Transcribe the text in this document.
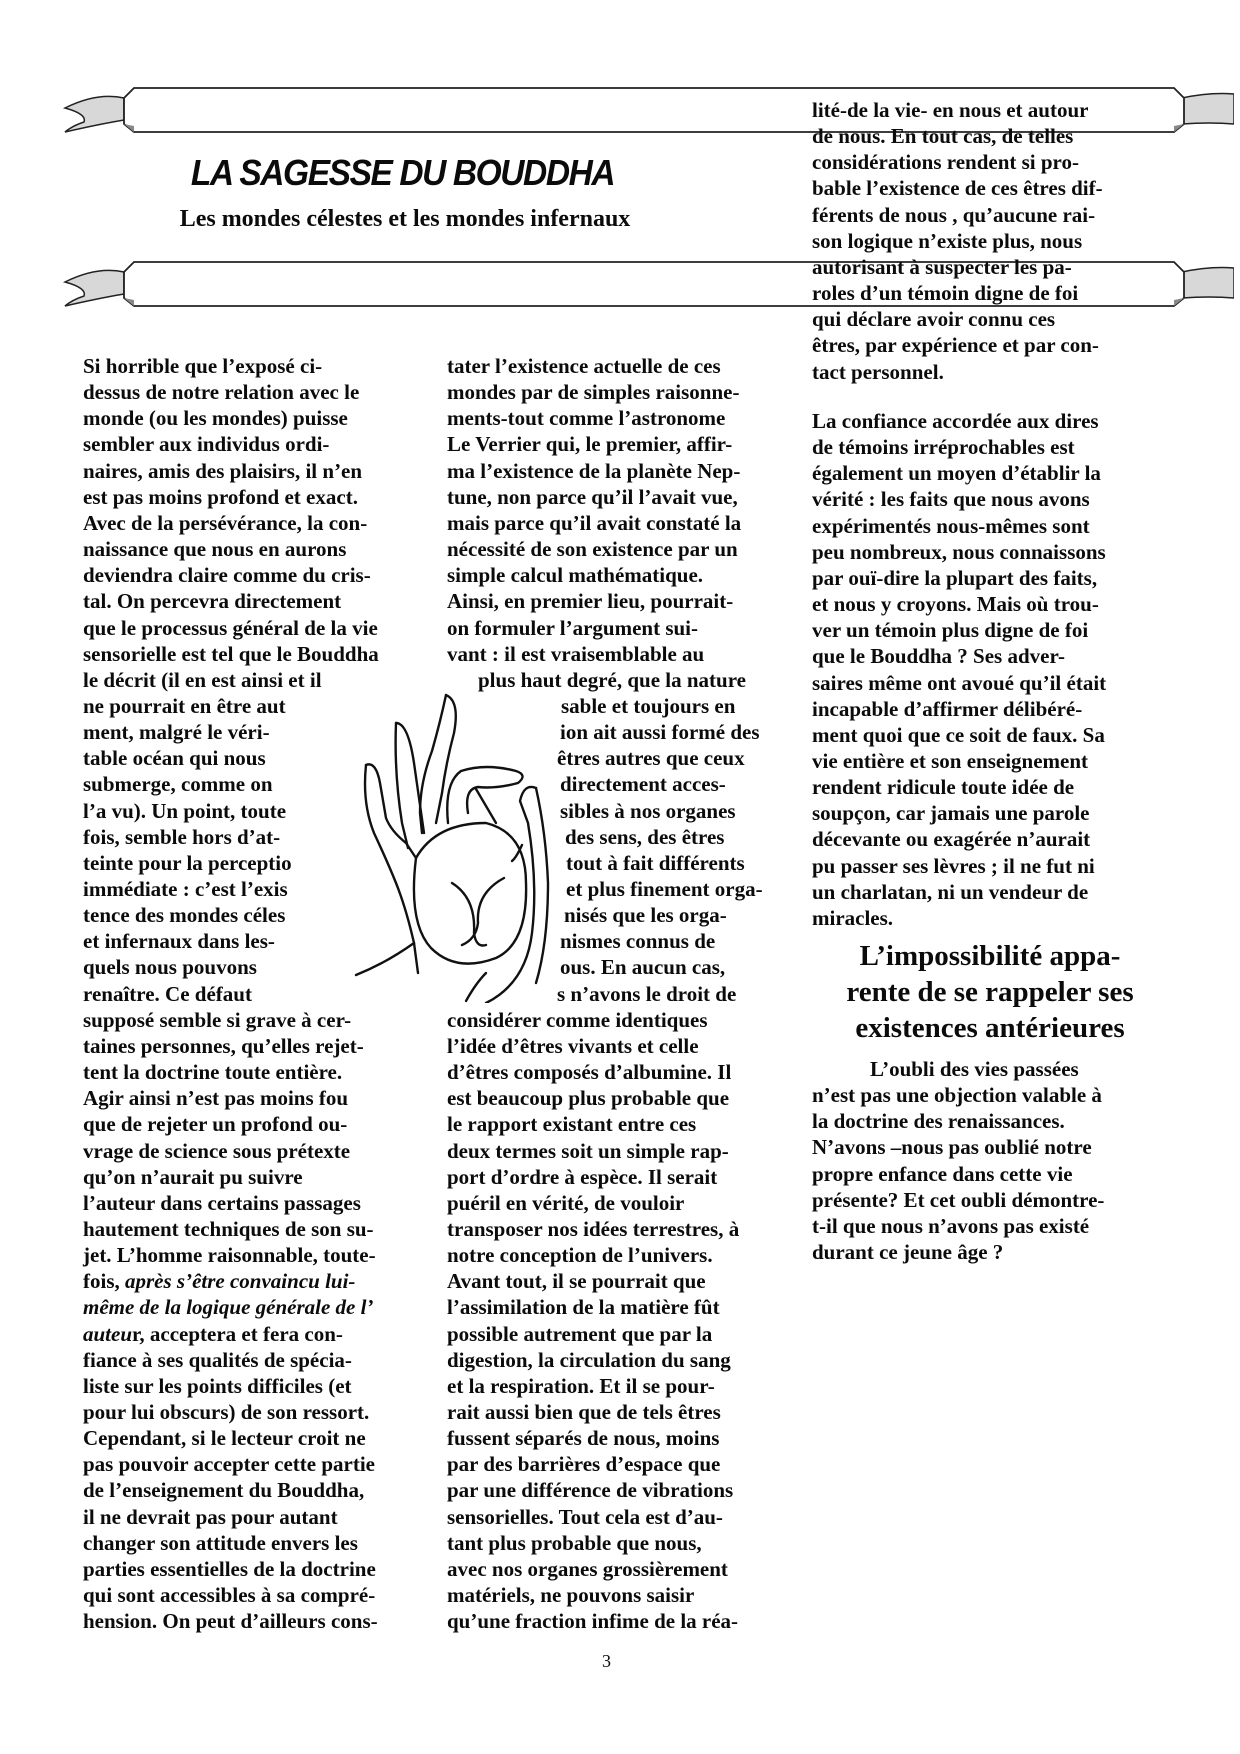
LA SAGESSE DU BOUDDHA
Les mondes célestes et les mondes infernaux
Si horrible que l’exposé ci-
dessus de notre relation avec le
monde (ou les mondes) puisse
sembler aux individus ordi-
naires, amis des plaisirs, il n’en
est pas moins profond et exact.
Avec de la persévérance, la con-
naissance que nous en aurons
deviendra claire comme du cris-
tal. On percevra directement
que le processus général de la vie
sensorielle est tel que le Bouddha
le décrit (il en est ainsi et il
ne pourrait en être aut
ment, malgré le véri-
table océan qui nous
submerge, comme on
l’a vu). Un point, toute
fois, semble hors d’at-
teinte pour la perceptio
immédiate : c’est l’exis
tence des mondes céles
et infernaux dans les-
quels nous pouvons
renaître. Ce défaut
supposé semble si grave à cer-
taines personnes, qu’elles rejet-
tent la doctrine toute entière.
Agir ainsi n’est pas moins fou
que de rejeter un profond ou-
vrage de science sous prétexte
qu’on n’aurait pu suivre
l’auteur dans certains passages
hautement techniques de son su-
jet. L’homme raisonnable, toute-
fois, après s’être convaincu lui-
même de la logique générale de l’
auteur, acceptera et fera con-
fiance à ses qualités de spécia-
liste sur les points difficiles (et
pour lui obscurs) de son ressort.
Cependant, si le lecteur croit ne
pas pouvoir accepter cette partie
de l’enseignement du Bouddha,
il ne devrait pas pour autant
changer son attitude envers les
parties essentielles de la doctrine
qui sont accessibles à sa compré-
hension. On peut d’ailleurs cons-
tater l’existence actuelle de ces
mondes par de simples raisonne-
ments-tout comme l’astronome
Le Verrier qui, le premier, affir-
ma l’existence de la planète Nep-
tune, non parce qu’il l’avait vue,
mais parce qu’il avait constaté la
nécessité de son existence par un
simple calcul mathématique.
Ainsi, en premier lieu, pourrait-
on formuler l’argument sui-
vant : il est vraisemblable au
plus haut degré, que la nature
sable et toujours en
ion ait aussi formé des
êtres autres que ceux
directement acces-
sibles à nos organes
des sens, des êtres
tout à fait différents
et plus finement orga-
nisés que les orga-
nismes connus de
ous. En aucun cas,
s n’avons le droit de
considérer comme identiques
l’idée d’êtres vivants et celle
d’êtres composés d’albumine. Il
est beaucoup plus probable que
le rapport existant entre ces
deux termes soit un simple rap-
port d’ordre à espèce. Il serait
puéril en vérité, de vouloir
transposer nos idées terrestres, à
notre conception de l’univers.
Avant tout, il se pourrait que
l’assimilation de la matière fût
possible autrement que par la
digestion, la circulation du sang
et la respiration. Et il se pour-
rait aussi bien que de tels êtres
fussent séparés de nous, moins
par des barrières d’espace que
par une différence de vibrations
sensorielles. Tout cela est d’au-
tant plus probable que nous,
avec nos organes grossièrement
matériels, ne pouvons saisir
qu’une fraction infime de la réa-
lité-de la vie- en nous et autour
de nous. En tout cas, de telles
considérations rendent si pro-
bable l’existence de ces êtres dif-
férents de nous , qu’aucune rai-
son logique n’existe plus, nous
autorisant à suspecter les pa-
roles d’un témoin digne de foi
qui déclare avoir connu ces
êtres, par expérience et par con-
tact personnel.
La confiance accordée aux dires
de témoins irréprochables est
également un moyen d’établir la
vérité : les faits que nous avons
expérimentés nous-mêmes sont
peu nombreux, nous connaissons
par ouï-dire la plupart des faits,
et nous y croyons. Mais où trou-
ver un témoin plus digne de foi
que le Bouddha ? Ses adver-
saires même ont avoué qu’il était
incapable d’affirmer délibéré-
ment quoi que ce soit de faux. Sa
vie entière et son enseignement
rendent ridicule toute idée de
soupçon, car jamais une parole
décevante ou exagérée n’aurait
pu passer ses lèvres ; il ne fut ni
un charlatan, ni un vendeur de
miracles.
L’oubli des vies passées
n’est pas une objection valable à
la doctrine des renaissances.
N’avons –nous pas oublié notre
propre enfance dans cette vie
présente? Et cet oubli démontre-
t-il que nous n’avons pas existé
durant ce jeune âge ?
L’impossibilité appa-
rente de se rappeler ses
existences antérieures
3
